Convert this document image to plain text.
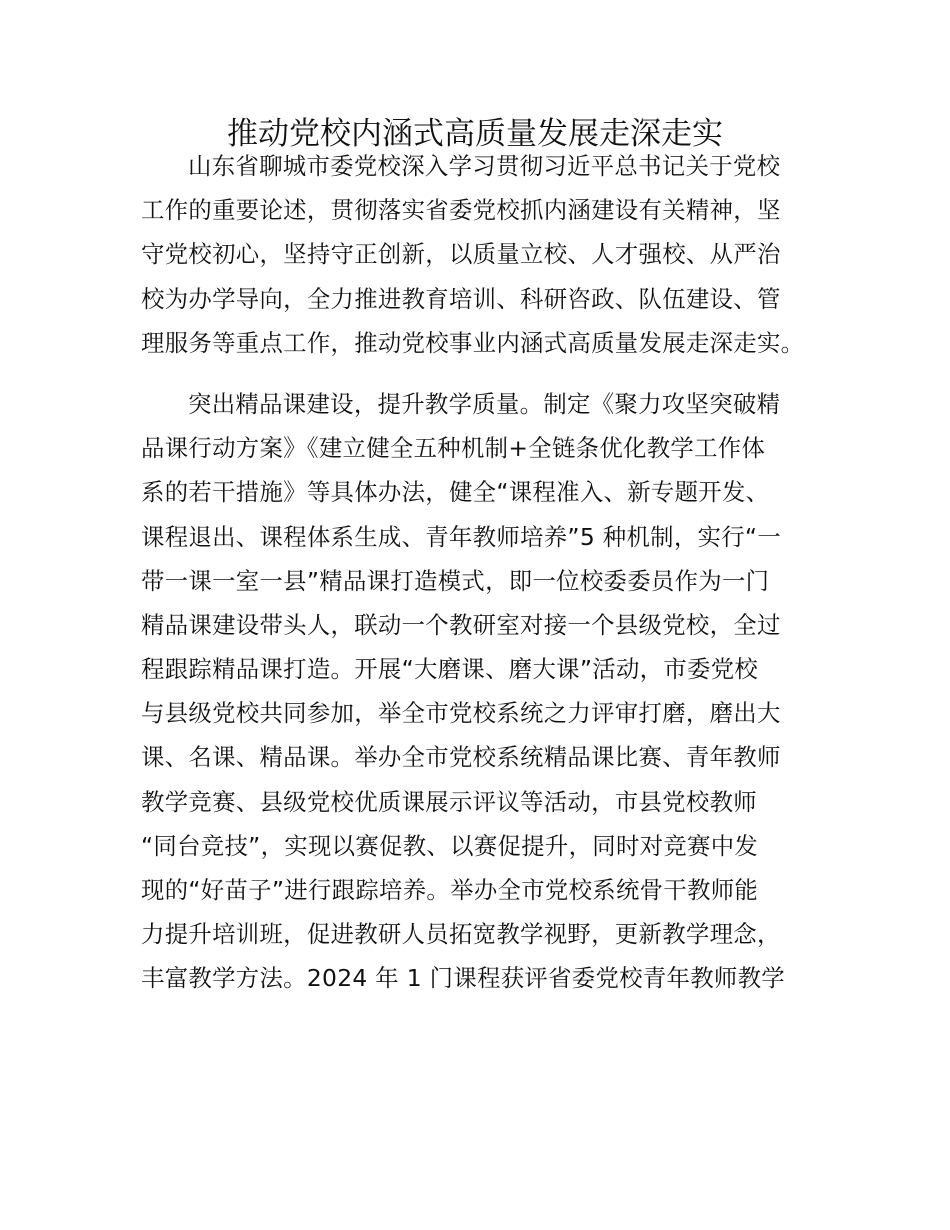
推动党校内涵式高质量发展走深走实
山东省聊城市委党校深入学习贯彻习近平总书记关于党校
工作的重要论述，贯彻落实省委党校抓内涵建设有关精神，坚
守党校初心，坚持守正创新，以质量立校、人才强校、从严治
校为办学导向，全力推进教育培训、科研咨政、队伍建设、管
理服务等重点工作，推动党校事业内涵式高质量发展走深走实。
突出精品课建设，提升教学质量。制定《聚力攻坚突破精
品课行动方案》《建立健全五种机制+全链条优化教学工作体
系的若干措施》等具体办法，健全“课程准入、新专题开发、
课程退出、课程体系生成、青年教师培养”5 种机制，实行“一
带一课一室一县”精品课打造模式，即一位校委委员作为一门
精品课建设带头人，联动一个教研室对接一个县级党校，全过
程跟踪精品课打造。开展“大磨课、磨大课”活动，市委党校
与县级党校共同参加，举全市党校系统之力评审打磨，磨出大
课、名课、精品课。举办全市党校系统精品课比赛、青年教师
教学竞赛、县级党校优质课展示评议等活动，市县党校教师
“同台竞技”，实现以赛促教、以赛促提升，同时对竞赛中发
现的“好苗子”进行跟踪培养。举办全市党校系统骨干教师能
力提升培训班，促进教研人员拓宽教学视野，更新教学理念，
丰富教学方法。2024 年 1 门课程获评省委党校青年教师教学
